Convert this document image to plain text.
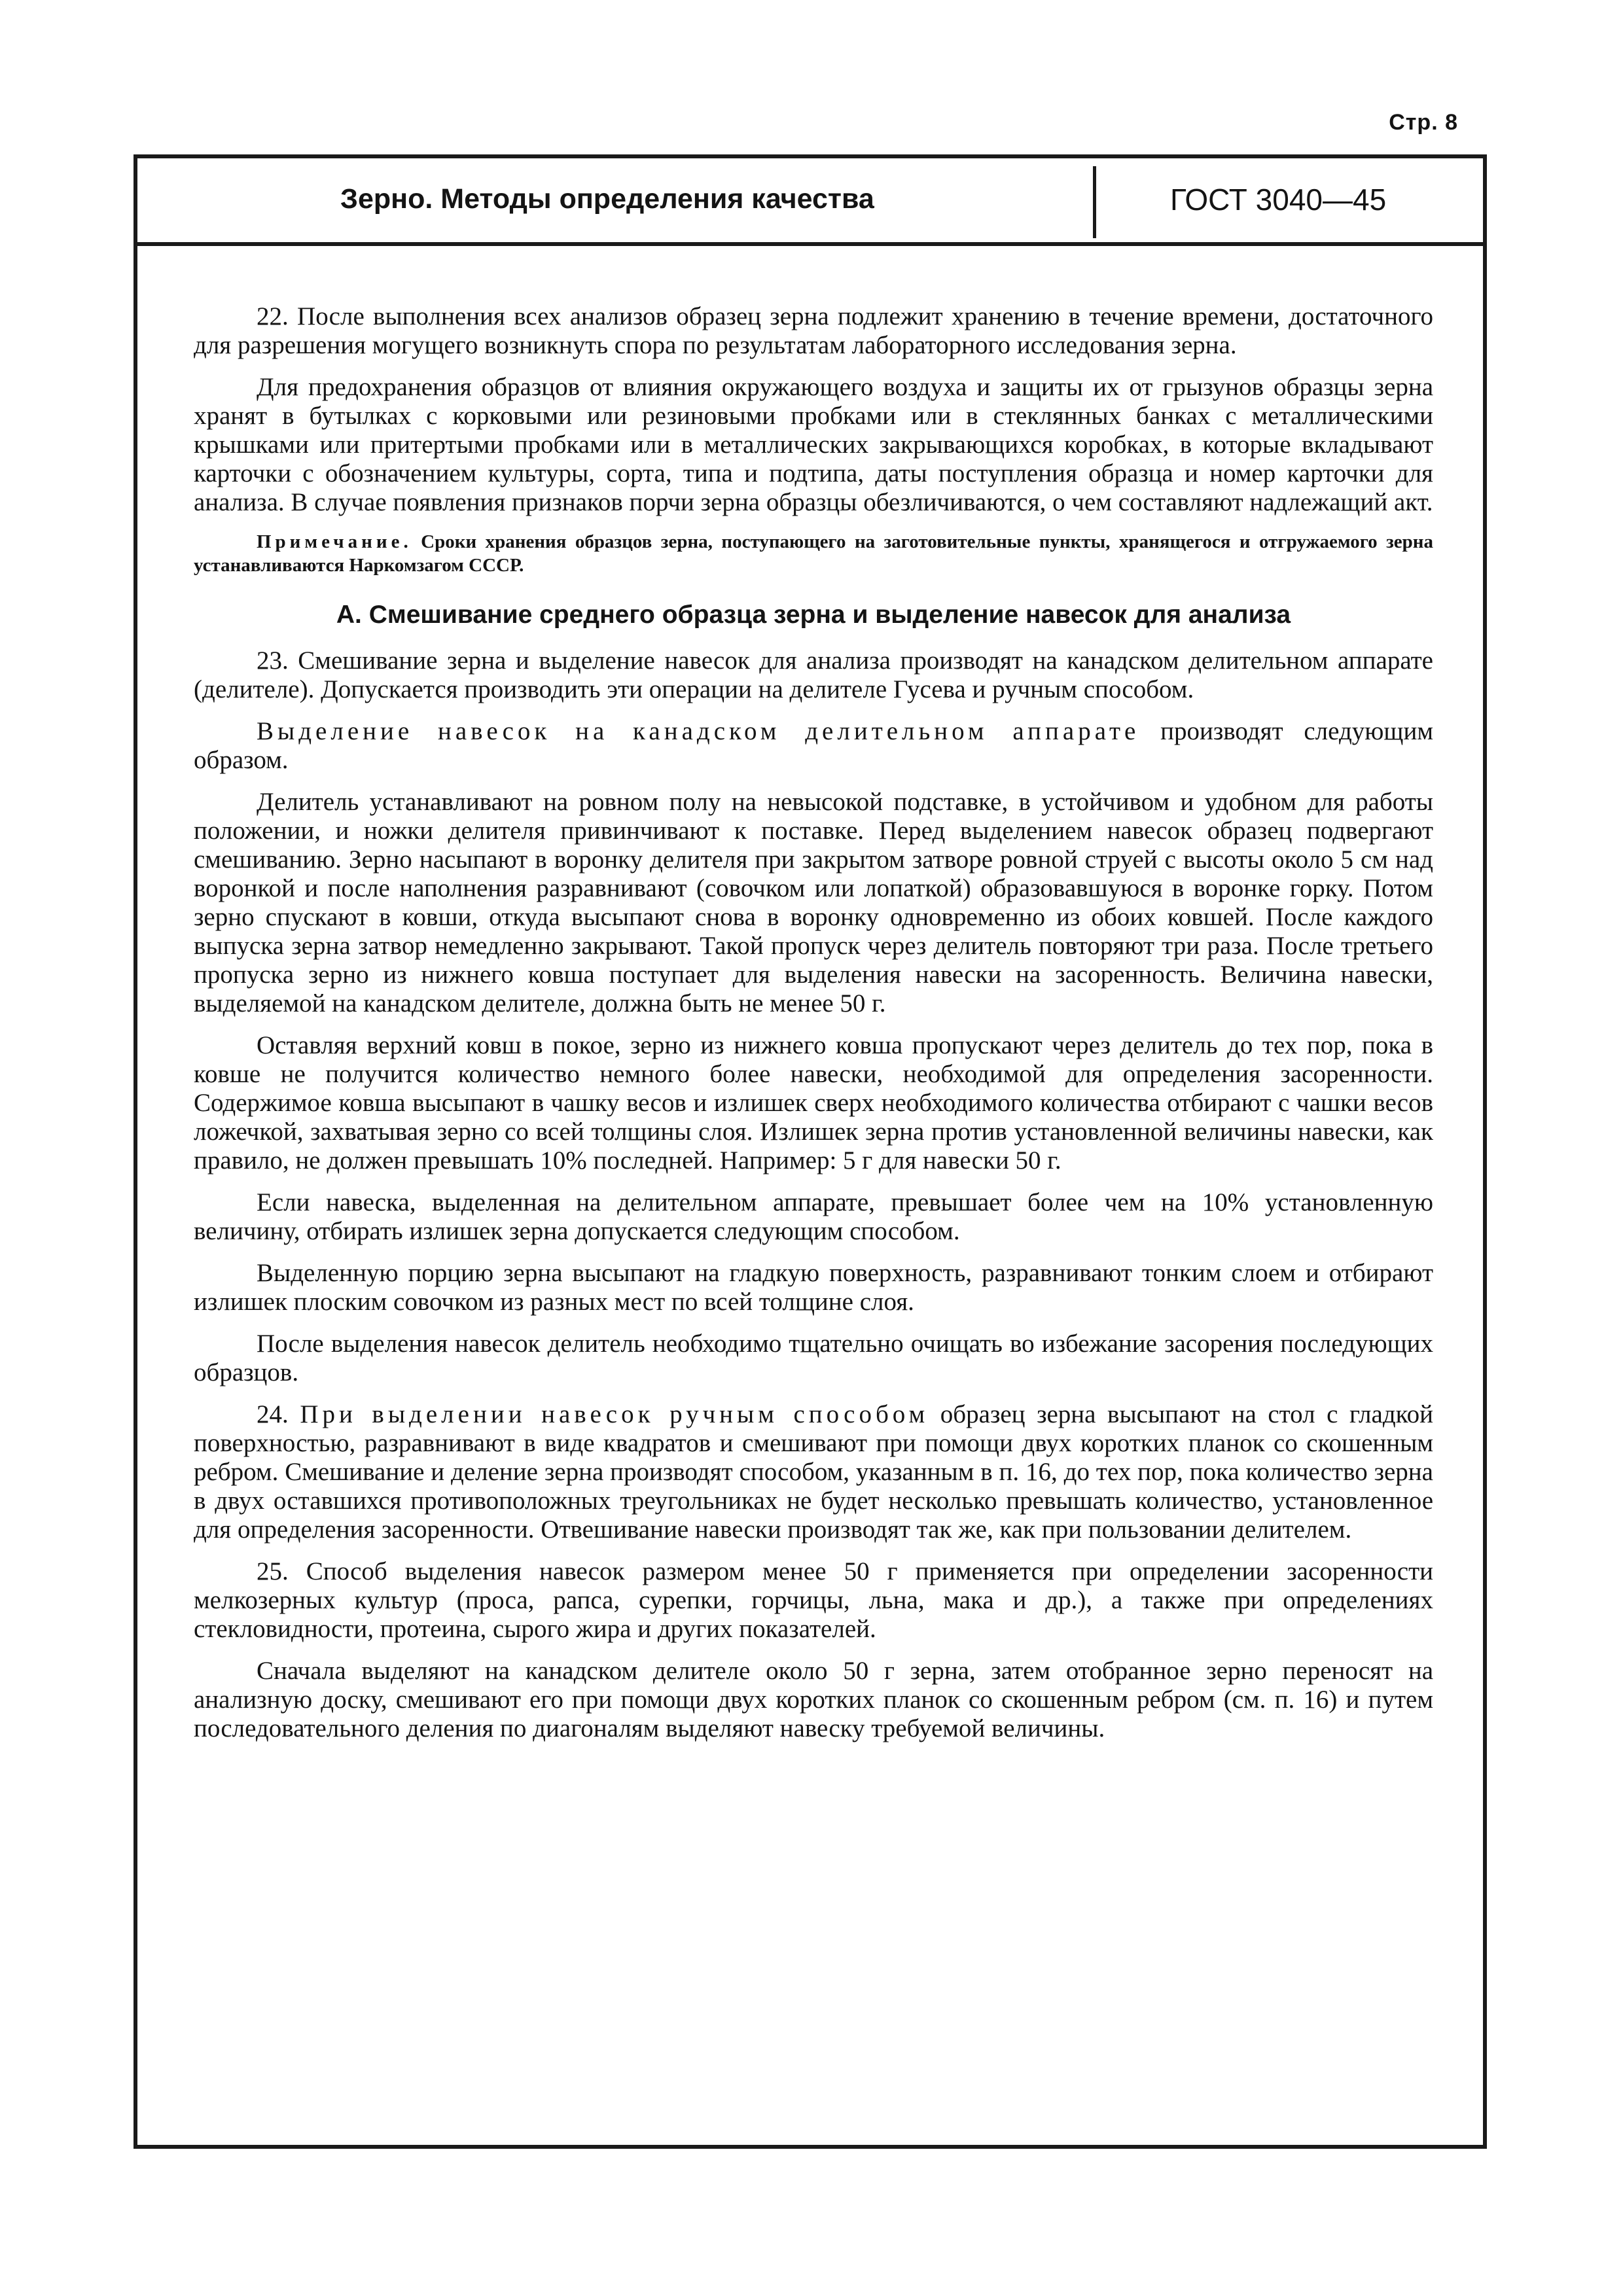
Стр. 8
Зерно. Методы определения качества	ГОСТ 3040—45

22. После выполнения всех анализов образец зерна подлежит хранению в течение времени, достаточного для разрешения могущего возникнуть спора по результатам лабораторного исследования зерна.

Для предохранения образцов от влияния окружающего воздуха и защиты их от грызунов образцы зерна хранят в бутылках с корковыми или резиновыми пробками или в стеклянных банках с металлическими крышками или притертыми пробками или в металлических закрывающихся коробках, в которые вкладывают карточки с обозначением культуры, сорта, типа и подтипа, даты поступления образца и номер карточки для анализа. В случае появления признаков порчи зерна образцы обезличиваются, о чем составляют надлежащий акт.

Примечание. Сроки хранения образцов зерна, поступающего на заготовительные пункты, хранящегося и отгружаемого зерна устанавливаются Наркомзагом СССР.

А. Смешивание среднего образца зерна и выделение навесок для анализа

23. Смешивание зерна и выделение навесок для анализа производят на канадском делительном аппарате (делителе). Допускается производить эти операции на делителе Гусева и ручным способом.

Выделение навесок на канадском делительном аппарате производят следующим образом.

Делитель устанавливают на ровном полу на невысокой подставке, в устойчивом и удобном для работы положении, и ножки делителя привинчивают к поставке. Перед выделением навесок образец подвергают смешиванию. Зерно насыпают в воронку делителя при закрытом затворе ровной струей с высоты около 5 см над воронкой и после наполнения разравнивают (совочком или лопаткой) образовавшуюся в воронке горку. Потом зерно спускают в ковши, откуда высыпают снова в воронку одновременно из обоих ковшей. После каждого выпуска зерна затвор немедленно закрывают. Такой пропуск через делитель повторяют три раза. После третьего пропуска зерно из нижнего ковша поступает для выделения навески на засоренность. Величина навески, выделяемой на канадском делителе, должна быть не менее 50 г.

Оставляя верхний ковш в покое, зерно из нижнего ковша пропускают через делитель до тех пор, пока в ковше не получится количество немного более навески, необходимой для определения засоренности. Содержимое ковша высыпают в чашку весов и излишек сверх необходимого количества отбирают с чашки весов ложечкой, захватывая зерно со всей толщины слоя. Излишек зерна против установленной величины навески, как правило, не должен превышать 10% последней. Например: 5 г для навески 50 г.

Если навеска, выделенная на делительном аппарате, превышает более чем на 10% установленную величину, отбирать излишек зерна допускается следующим способом.

Выделенную порцию зерна высыпают на гладкую поверхность, разравнивают тонким слоем и отбирают излишек плоским совочком из разных мест по всей толщине слоя.

После выделения навесок делитель необходимо тщательно очищать во избежание засорения последующих образцов.

24. При выделении навесок ручным способом образец зерна высыпают на стол с гладкой поверхностью, разравнивают в виде квадратов и смешивают при помощи двух коротких планок со скошенным ребром. Смешивание и деление зерна производят способом, указанным в п. 16, до тех пор, пока количество зерна в двух оставшихся противоположных треугольниках не будет несколько превышать количество, установленное для определения засоренности. Отвешивание навески производят так же, как при пользовании делителем.

25. Способ выделения навесок размером менее 50 г применяется при определении засоренности мелкозерных культур (проса, рапса, сурепки, горчицы, льна, мака и др.), а также при определениях стекловидности, протеина, сырого жира и других показателей.

Сначала выделяют на канадском делителе около 50 г зерна, затем отобранное зерно переносят на анализную доску, смешивают его при помощи двух коротких планок со скошенным ребром (см. п. 16) и путем последовательного деления по диагоналям выделяют навеску требуемой величины.
